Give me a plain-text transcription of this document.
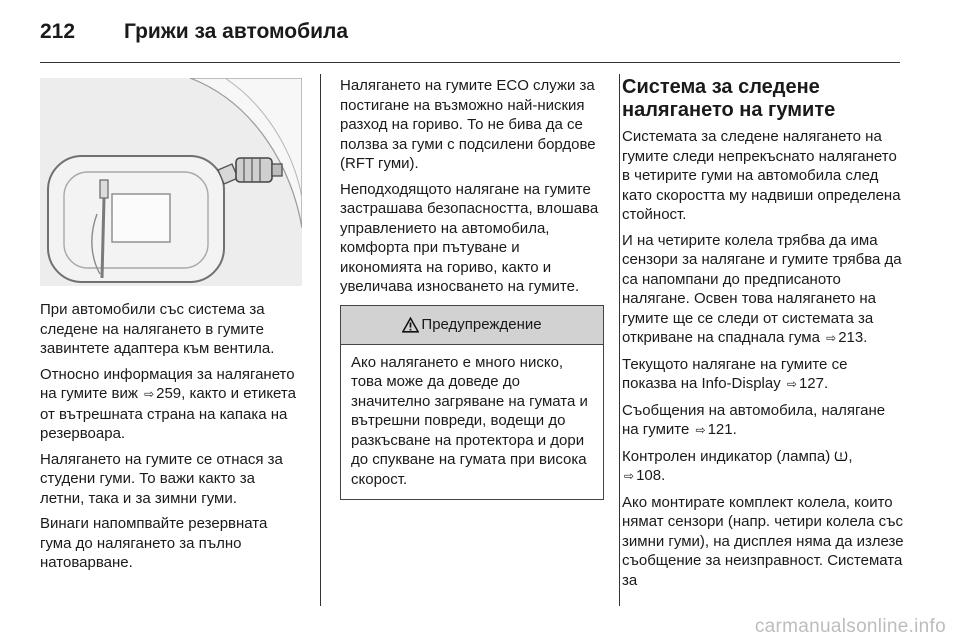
212	Грижи за автомобила

При автомобили със система за следене на налягането в гумите завинтете адаптера към вентила.

Относно информация за налягането на гумите виж ⇨ 259, както и етикета от вътрешната страна на капака на резервоара.

Налягането на гумите се отнася за студени гуми. То важи както за летни, така и за зимни гуми.

Винаги напомпвайте резервната гума до налягането за пълно натоварване.

Налягането на гумите ECO служи за постигане на възможно най-ниския разход на гориво. То не бива да се ползва за гуми с подсилени бордове (RFT гуми).

Неподходящото налягане на гумите застрашава безопасността, влошава управлението на автомобила, комфорта при пътуване и икономията на гориво, както и увеличава износването на гумите.

Предупреждение
Ако налягането е много ниско, това може да доведе до значително загряване на гумата и вътрешни повреди, водещи до разкъсване на протектора и дори до спукване на гумата при висока скорост.
Система за следене налягането на гумите

Системата за следене налягането на гумите следи непрекъснато налягането в четирите гуми на автомобила след като скоростта му надвиши определена стойност.

И на четирите колела трябва да има сензори за налягане и гумите трябва да са напомпани до предписаното налягане. Освен това налягането на гумите ще се следи от системата за откриване на спаднала гума ⇨ 213.

Текущото налягане на гумите се показва на Info-Display ⇨ 127.

Съобщения на автомобила, налягане на гумите ⇨ 121.

Контролен индикатор (лампа) ,
⇨ 108.

Ако монтирате комплект колела, които нямат сензори (напр. четири колела със зимни гуми), на дисплея няма да излезе съобщение за неизправност. Системата за

carmanualsonline.info
